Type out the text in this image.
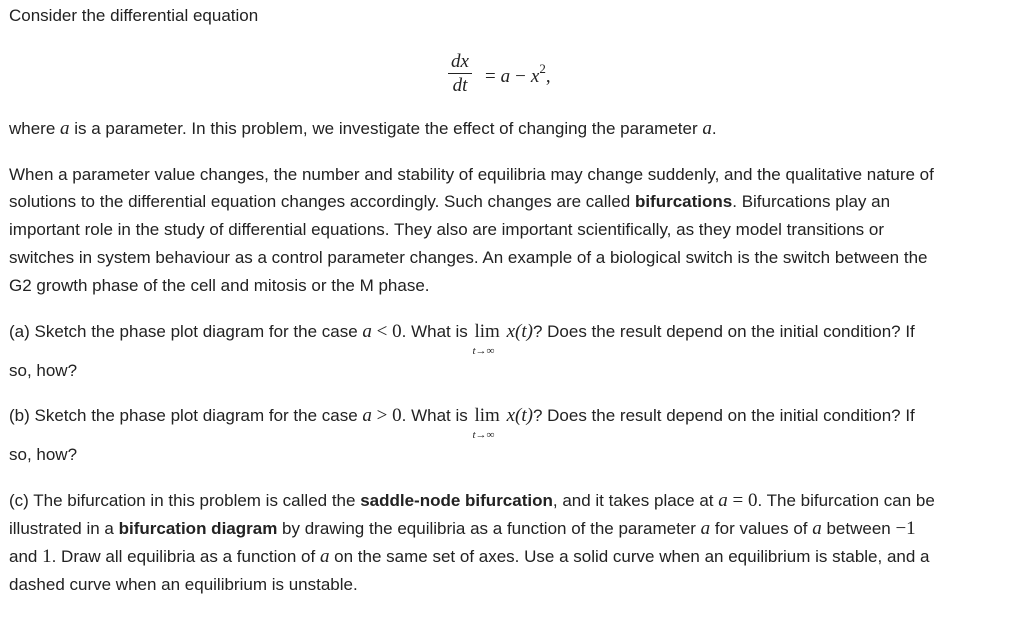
Consider the differential equation
$\frac{dx}{dt} = a - x^2$,
where a is a parameter. In this problem, we investigate the effect of changing the parameter a.
When a parameter value changes, the number and stability of equilibria may change suddenly, and the qualitative nature of
solutions to the differential equation changes accordingly. Such changes are called bifurcations. Bifurcations play an
important role in the study of differential equations. They also are important scientifically, as they model transitions or
switches in system behaviour as a control parameter changes. An example of a biological switch is the switch between the
G2 growth phase of the cell and mitosis or the M phase.
(a) Sketch the phase plot diagram for the case a < 0. What is lim
t→∞
x(t)? Does the result depend on the initial condition? If
so, how?
(b) Sketch the phase plot diagram for the case a > 0. What is lim
t→∞
x(t)? Does the result depend on the initial condition? If
so, how?
(c) The bifurcation in this problem is called the saddle-node bifurcation, and it takes place at a = 0. The bifurcation can be
illustrated in a bifurcation diagram by drawing the equilibria as a function of the parameter a for values of a between −1
and 1. Draw all equilibria as a function of a on the same set of axes. Use a solid curve when an equilibrium is stable, and a
dashed curve when an equilibrium is unstable.
